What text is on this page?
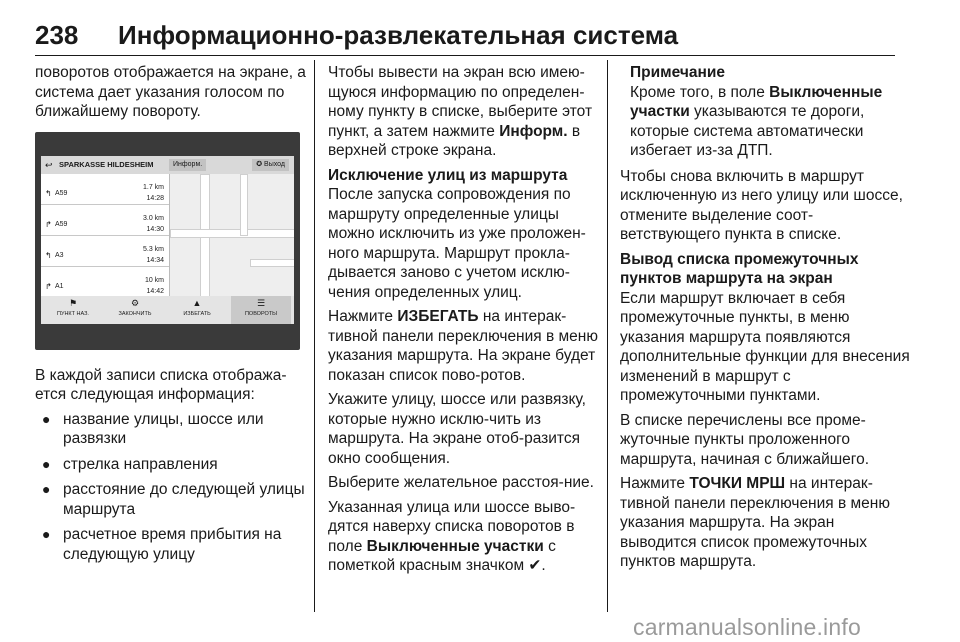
238 Информационно-развлекательная система

поворотов отображается на экране, а система дает указания голосом по ближайшему повороту.

↩ SPARKASSE HILDESHEIM	Информ.	✪ Выход
↰ A59
1.7 km
14:28
↱ A59
3.0 km
14:30
↰ A3
5.3 km
14:34
↱ A1
10 km
14:42
⚑
ПУНКТ НАЗ.
⚙
ЗАКОНЧИТЬ
▲
ИЗБЕГАТЬ
☰
ПОВОРОТЫ

В каждой записи списка отобража-ется следующая информация:

● название улицы, шоссе или развязки
● стрелка направления
● расстояние до следующей улицы маршрута
● расчетное время прибытия на следующую улицу

Чтобы вывести на экран всю имею-щуюся информацию по определен-ному пункту в списке, выберите этот пункт, а затем нажмите Информ. в верхней строке экрана.

Исключение улиц из маршрута

После запуска сопровождения по маршруту определенные улицы можно исключить из уже проложен-ного маршрута. Маршрут прокла-дывается заново с учетом исклю-чения определенных улиц.

Нажмите ИЗБЕГАТЬ на интерак-тивной панели переключения в меню указания маршрута. На экране будет показан список пово-ротов.

Укажите улицу, шоссе или развязку, которые нужно исклю-чить из маршрута. На экране отоб-разится окно сообщения.

Выберите желательное расстоя-ние.

Указанная улица или шоссе выво-дятся наверху списка поворотов в поле Выключенные участки с пометкой красным значком ✔.

Примечание
Кроме того, в поле Выключенные участки указываются те дороги, которые система автоматически избегает из-за ДТП.

Чтобы снова включить в маршрут исключенную из него улицу или шоссе, отмените выделение соот-ветствующего пункта в списке.

Вывод списка промежуточных пунктов маршрута на экран

Если маршрут включает в себя промежуточные пункты, в меню указания маршрута появляются дополнительные функции для внесения изменений в маршрут с промежуточными пунктами.

В списке перечислены все проме-жуточные пункты проложенного маршрута, начиная с ближайшего.

Нажмите ТОЧКИ МРШ на интерак-тивной панели переключения в меню указания маршрута. На экран выводится список промежуточных пунктов маршрута.

carmanualsonline.info
